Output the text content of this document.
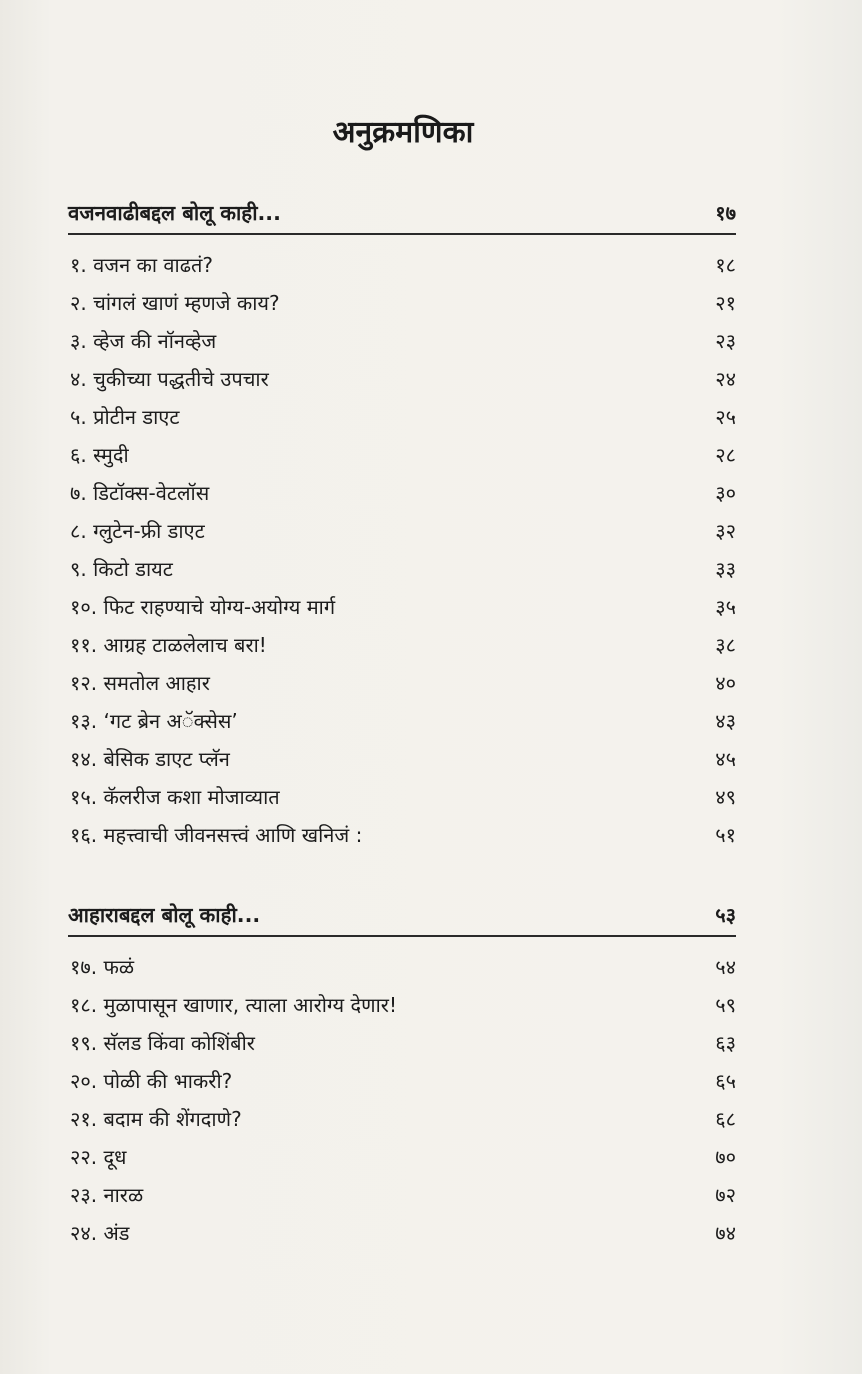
अनुक्रमणिका
वजनवाढीबद्दल बोलू काही...	१७
१. वजन का वाढतं?	१८
२. चांगलं खाणं म्हणजे काय?	२१
३. व्हेज की नॉनव्हेज	२३
४. चुकीच्या पद्धतीचे उपचार	२४
५. प्रोटीन डाएट	२५
६. स्मुदी	२८
७. डिटॉक्स-वेटलॉस	३०
८. ग्लुटेन-फ्री डाएट	३२
९. किटो डायट	३३
१०. फिट राहण्याचे योग्य-अयोग्य मार्ग	३५
११. आग्रह टाळलेलाच बरा!	३८
१२. समतोल आहार	४०
१३. ‘गट ब्रेन अॅक्सेस’	४३
१४. बेसिक डाएट प्लॅन	४५
१५. कॅलरीज कशा मोजाव्यात	४९
१६. महत्त्वाची जीवनसत्त्वं आणि खनिजं :	५१
आहाराबद्दल बोलू काही...	५३
१७. फळं	५४
१८. मुळापासून खाणार, त्याला आरोग्य देणार!	५९
१९. सॅलड किंवा कोशिंबीर	६३
२०. पोळी की भाकरी?	६५
२१. बदाम की शेंगदाणे?	६८
२२. दूध	७०
२३. नारळ	७२
२४. अंड	७४
